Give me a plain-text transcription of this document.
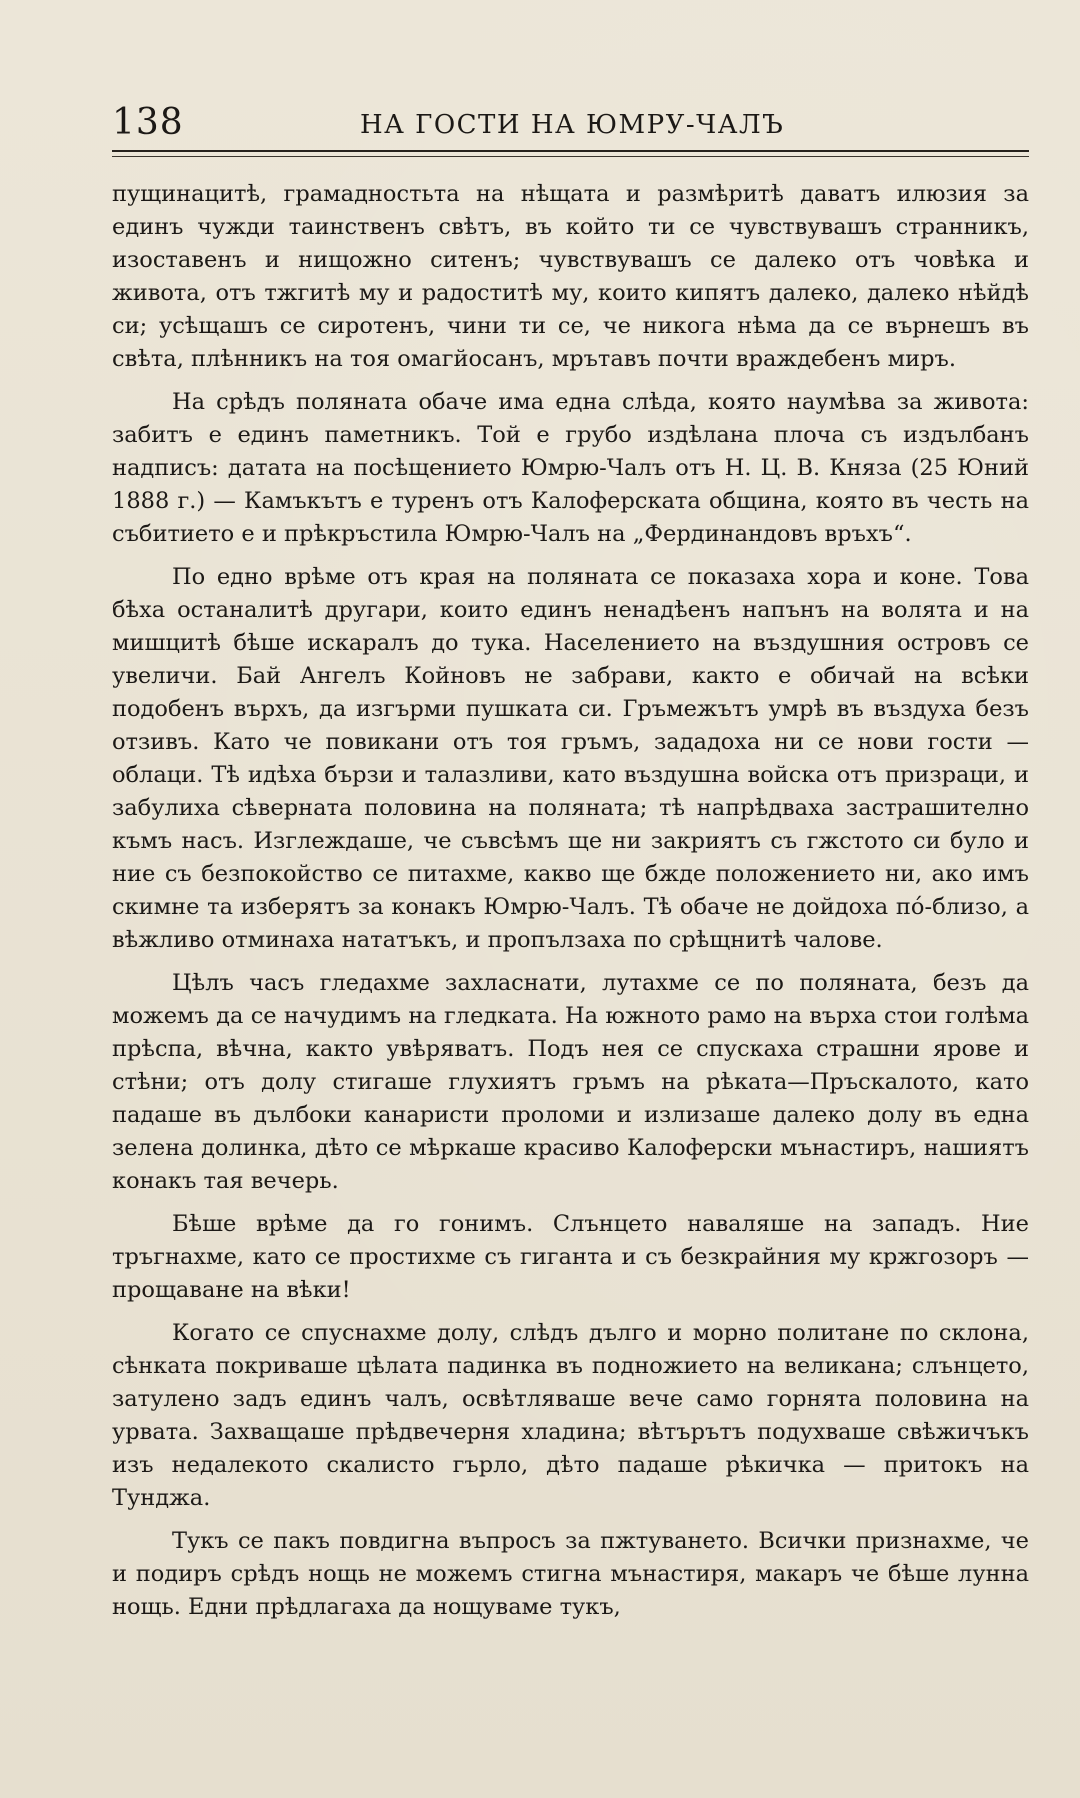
138	НА ГОСТИ НА ЮМРУ-ЧАЛЪ

пущинацитѣ, грамадностьта на нѣщата и размѣритѣ даватъ илюзия за единъ чужди таинственъ свѣтъ, въ който ти се чувствувашъ странникъ, изоставенъ и нищожно ситенъ; чувствувашъ се далеко отъ човѣка и живота, отъ тжгитѣ му и радоститѣ му, които кипятъ далеко, далеко нѣйдѣ си; усѣщашъ се сиротенъ, чини ти се, че никога нѣма да се върнешъ въ свѣта, плѣнникъ на тоя омагйосанъ, мрътавъ почти враждебенъ миръ.

На срѣдъ поляната обаче има една слѣда, която наумѣва за живота: забитъ е единъ паметникъ. Той е грубо издѣлана плоча съ издълбанъ надписъ: датата на посѣщението Юмрю-Чалъ отъ Н. Ц. В. Княза (25 Юний 1888 г.) — Камъкътъ е туренъ отъ Калоферската община, която въ честь на събитието е и прѣкръстила Юмрю-Чалъ на „Фердинандовъ връхъ“.

По едно врѣме отъ края на поляната се показаха хора и коне. Това бѣха останалитѣ другари, които единъ ненадѣенъ напънъ на волята и на мишцитѣ бѣше искаралъ до тука. Населението на въздушния островъ се увеличи. Бай Ангелъ Койновъ не забрави, както е обичай на всѣки подобенъ върхъ, да изгърми пушката си. Гръмежътъ умрѣ въ въздуха безъ отзивъ. Като че повикани отъ тоя гръмъ, зададоха ни се нови гости — облаци. Тѣ идѣха бързи и талазливи, като въздушна войска отъ призраци, и забулиха сѣверната половина на поляната; тѣ напрѣдваха застрашително къмъ насъ. Изглеждаше, че съвсѣмъ ще ни закриятъ съ гжстото си було и ние съ безпокойство се питахме, какво ще бжде положението ни, ако имъ скимне та изберятъ за конакъ Юмрю-Чалъ. Тѣ обаче не дойдоха по́-близо, а вѣжливо отминаха нататъкъ, и пропълзаха по срѣщнитѣ чалове.

Цѣлъ часъ гледахме захласнати, лутахме се по поляната, безъ да можемъ да се начудимъ на гледката. На южното рамо на върха стои голѣма прѣспа, вѣчна, както увѣряватъ. Подъ нея се спускаха страшни ярове и стѣни; отъ долу стигаше глухиятъ гръмъ на рѣката—Пръскалото, като падаше въ дълбоки канаристи проломи и излизаше далеко долу въ една зелена долинка, дѣто се мѣркаше красиво Калоферски мънастиръ, нашиятъ конакъ тая вечерь.

Бѣше врѣме да го гонимъ. Слънцето наваляше на западъ. Ние тръгнахме, като се простихме съ гиганта и съ безкрайния му кржгозоръ — прощаване на вѣки!

Когато се спуснахме долу, слѣдъ дълго и морно политане по склона, сѣнката покриваше цѣлата падинка въ подножието на великана; слънцето, затулено задъ единъ чалъ, освѣтляваше вече само горнята половина на урвата. Захващаше прѣдвечерня хладина; вѣтърътъ подухваше свѣжичъкъ изъ недалекото скалисто гърло, дѣто падаше рѣкичка — притокъ на Тунджа.

Тукъ се пакъ повдигна въпросъ за пжтуването. Всички признахме, че и подиръ срѣдъ нощь не можемъ стигна мънастиря, макаръ че бѣше лунна нощь. Едни прѣдлагаха да нощуваме тукъ,
